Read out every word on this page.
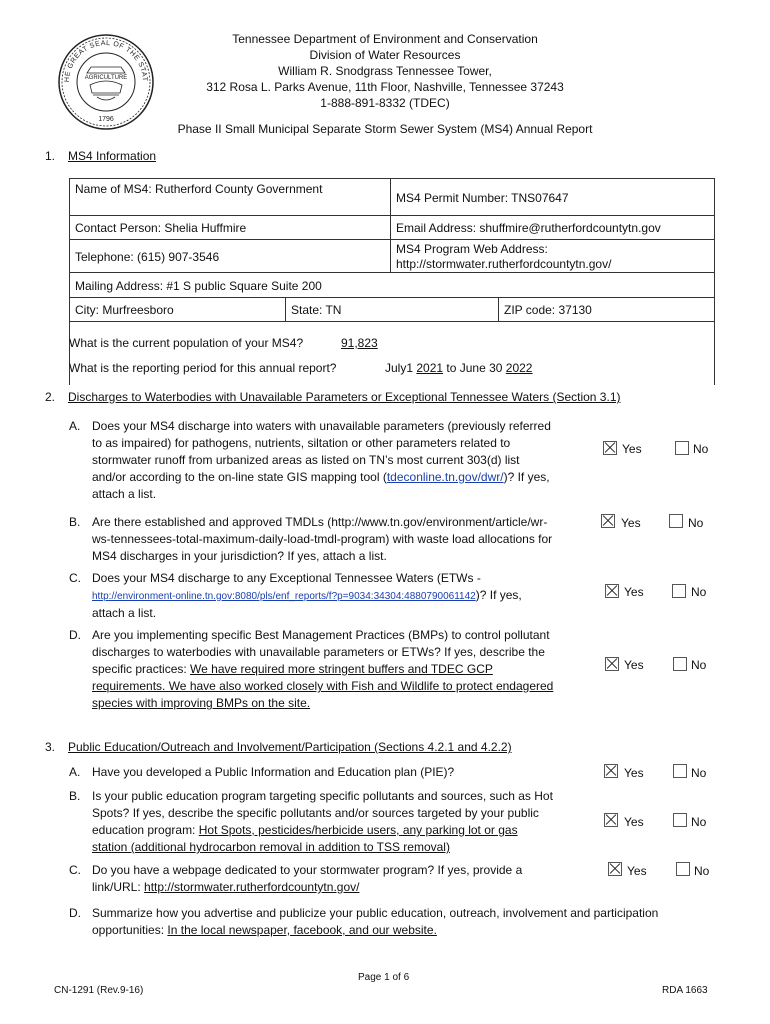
AGRICULTURE
HE GREAT SEAL OF THE STAT
1796
Tennessee Department of Environment and Conservation
Division of Water Resources
William R. Snodgrass Tennessee Tower,
312 Rosa L. Parks Avenue, 11th Floor, Nashville, Tennessee 37243
1-888-891-8332 (TDEC)
Phase II Small Municipal Separate Storm Sewer System (MS4) Annual Report
1. MS4 Information
Name of MS4: Rutherford County Government
MS4 Permit Number: TNS07647
Contact Person: Shelia Huffmire	Email Address: shuffmire@rutherfordcountytn.gov
Telephone: (615) 907-3546
MS4 Program Web Address:
http://stormwater.rutherfordcountytn.gov/
Mailing Address: #1 S public Square Suite 200
City: Murfreesboro	State: TN	ZIP code: 37130
What is the current population of your MS4?	91,823
What is the reporting period for this annual report?	July1 2021 to June 30 2022
2. Discharges to Waterbodies with Unavailable Parameters or Exceptional Tennessee Waters (Section 3.1)
A. Does your MS4 discharge into waters with unavailable parameters (previously referred
to as impaired) for pathogens, nutrients, siltation or other parameters related to
stormwater runoff from urbanized areas as listed on TN’s most current 303(d) list
and/or according to the on-line state GIS mapping tool (tdeconline.tn.gov/dwr/)? If yes,
attach a list.
Yes	No
B. Are there established and approved TMDLs (http://www.tn.gov/environment/article/wr-
ws-tennessees-total-maximum-daily-load-tmdl-program) with waste load allocations for
MS4 discharges in your jurisdiction? If yes, attach a list.
Yes	No
C. Does your MS4 discharge to any Exceptional Tennessee Waters (ETWs -
http://environment-online.tn.gov:8080/pls/enf_reports/f?p=9034:34304:4880790061142)? If yes,
attach a list.
Yes	No
D. Are you implementing specific Best Management Practices (BMPs) to control pollutant
discharges to waterbodies with unavailable parameters or ETWs? If yes, describe the
specific practices: We have required more stringent buffers and TDEC GCP
requirements. We have also worked closely with Fish and Wildlife to protect endagered
species with improving BMPs on the site.
Yes	No
3. Public Education/Outreach and Involvement/Participation (Sections 4.2.1 and 4.2.2)
A. Have you developed a Public Information and Education plan (PIE)?	Yes	No
B. Is your public education program targeting specific pollutants and sources, such as Hot
Spots? If yes, describe the specific pollutants and/or sources targeted by your public
education program: Hot Spots, pesticides/herbicide users, any parking lot or gas
station (additional hydrocarbon removal in addition to TSS removal)
Yes	No
C. Do you have a webpage dedicated to your stormwater program? If yes, provide a
link/URL: http://stormwater.rutherfordcountytn.gov/
Yes	No
D. Summarize how you advertise and publicize your public education, outreach, involvement and participation
opportunities: In the local newspaper, facebook, and our website.
Page 1 of 6
CN-1291 (Rev.9-16)	RDA 1663
